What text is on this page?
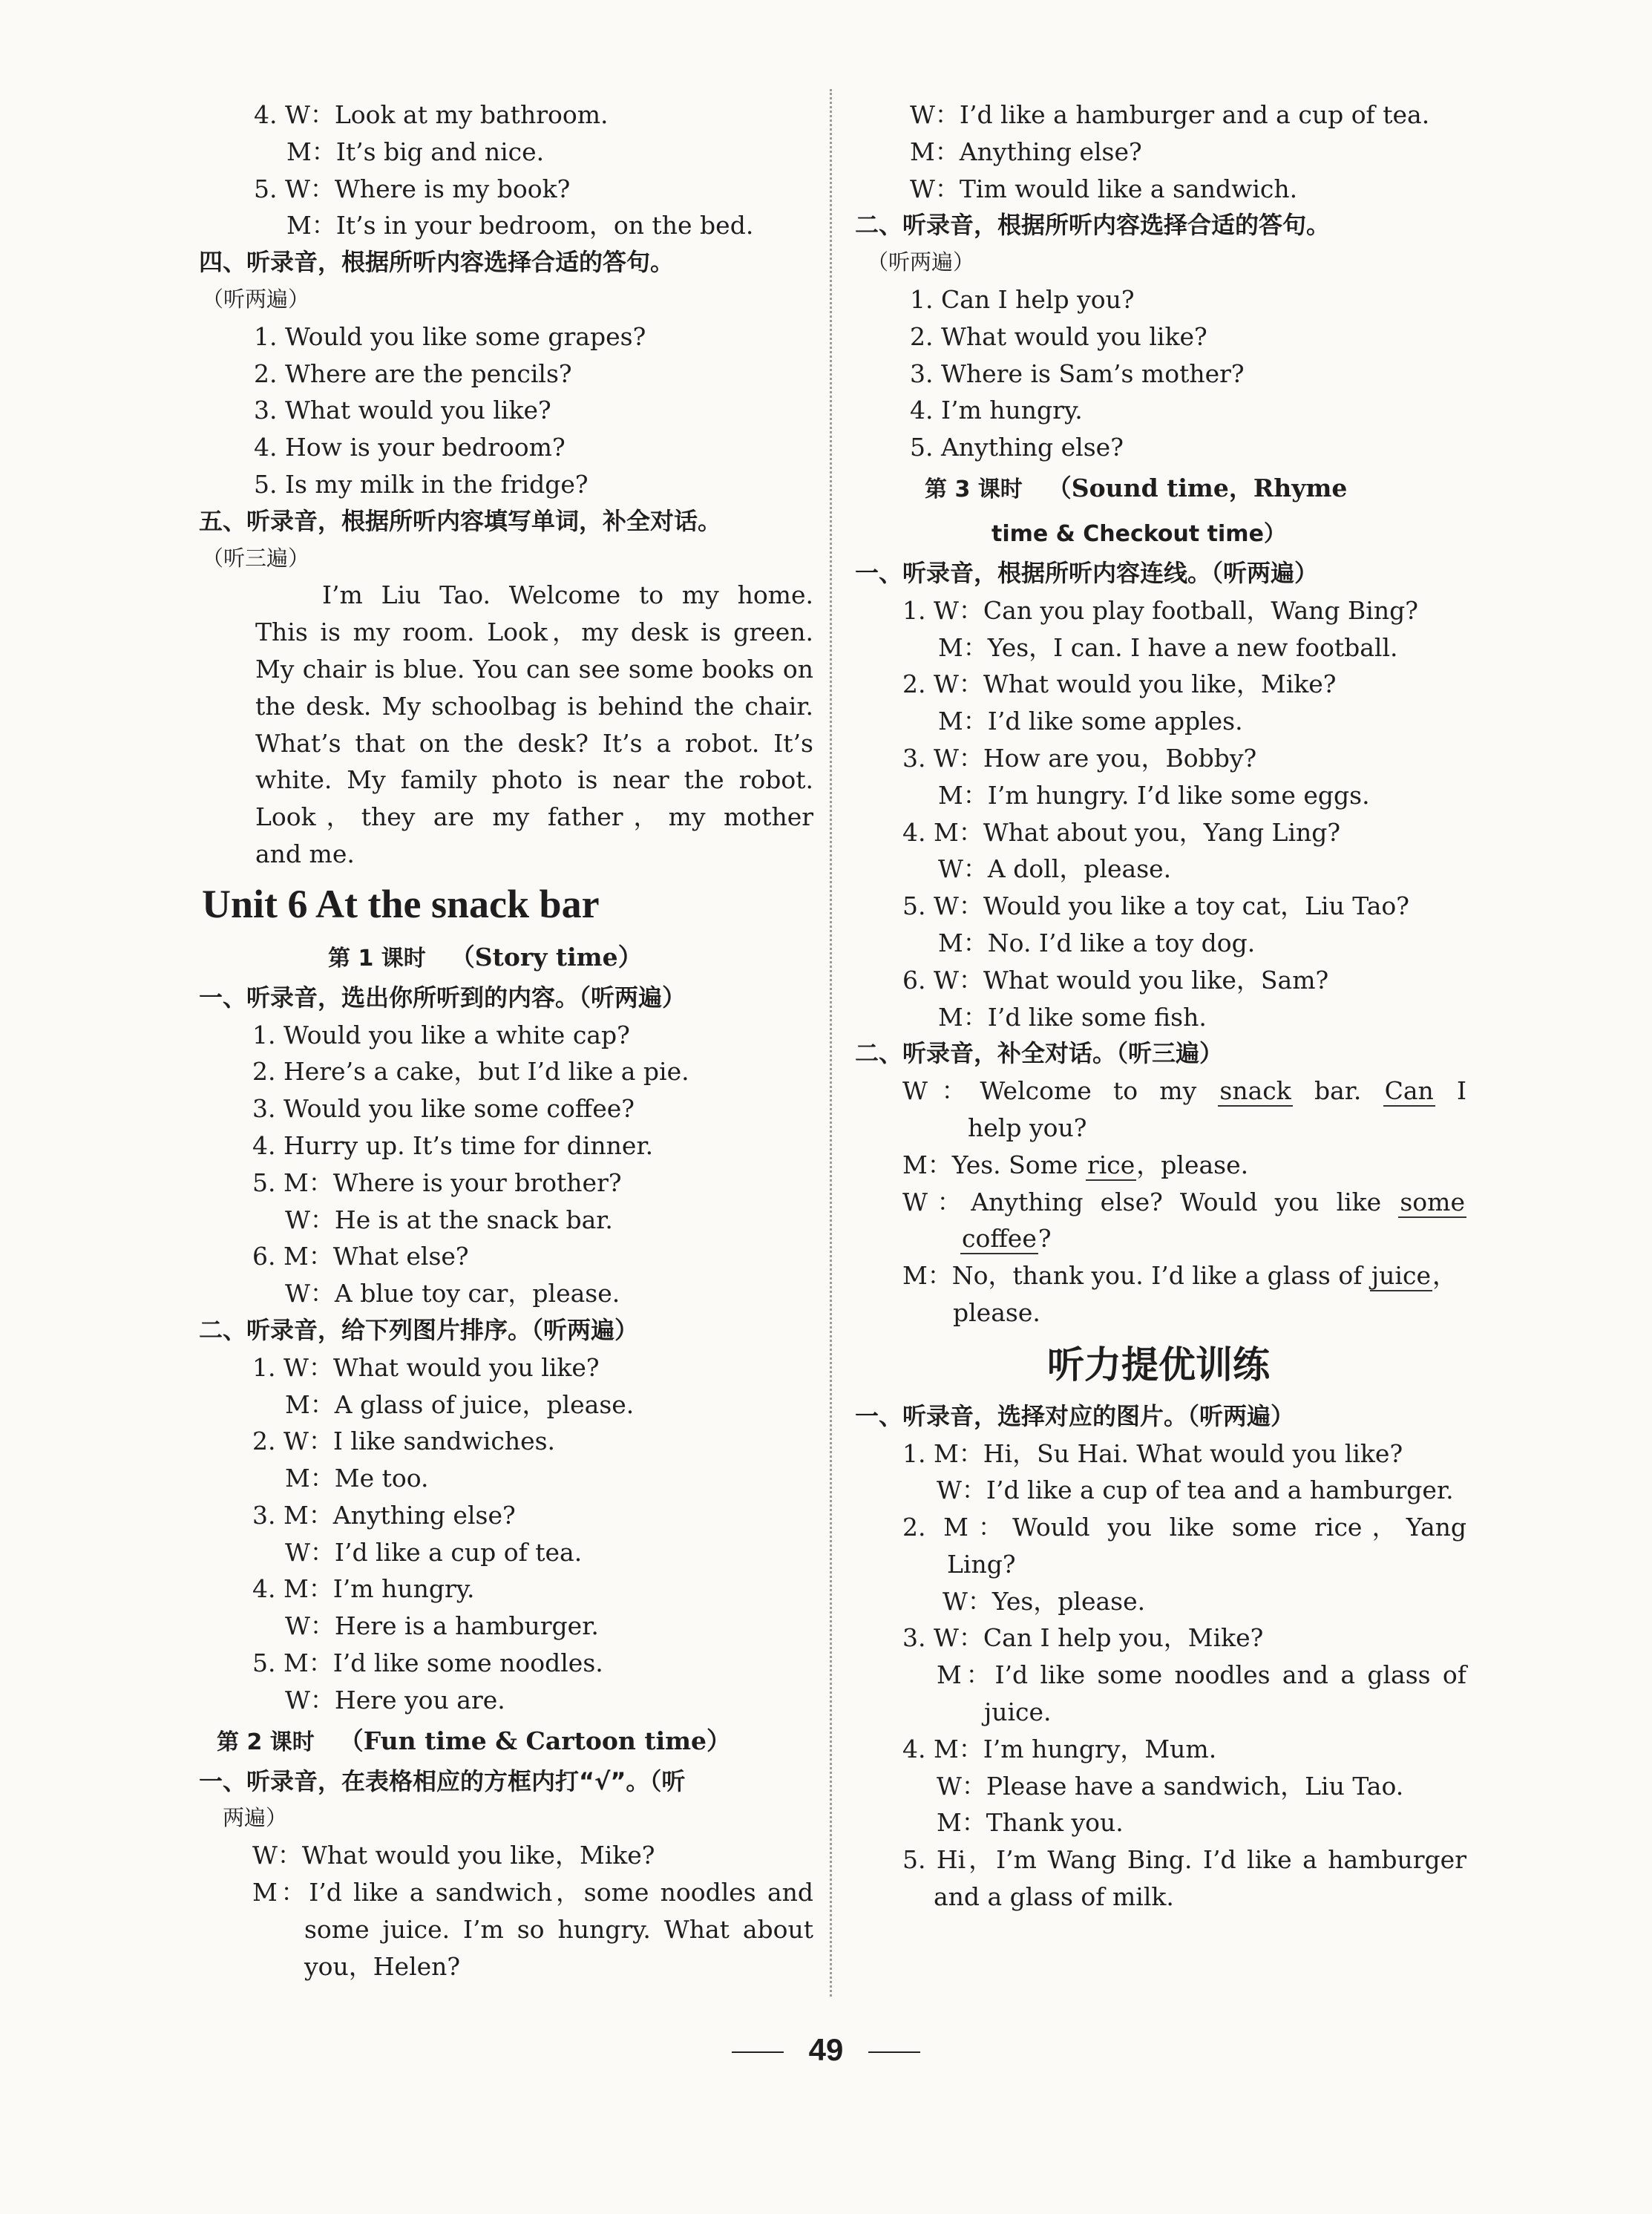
4. W：Look at my bathroom.
M：It’s big and nice.
5. W：Where is my book?
M：It’s in your bedroom，on the bed.
四、听录音，根据所听内容选择合适的答句。
（听两遍）
1. Would you like some grapes?
2. Where are the pencils?
3. What would you like?
4. How is your bedroom?
5. Is my milk in the fridge?
五、听录音，根据所听内容填写单词，补全对话。
（听三遍）
I’m Liu Tao. Welcome to my home.
This is my room. Look，my desk is green.
My chair is blue. You can see some books on
the desk. My schoolbag is behind the chair.
What’s that on the desk? It’s a robot. It’s
white. My family photo is near the robot.
Look，they are my father，my mother
and me.
Unit 6 At the snack bar
第 1 课时 （Story time）
一、听录音，选出你所听到的内容。（听两遍）
1. Would you like a white cap?
2. Here’s a cake，but I’d like a pie.
3. Would you like some coffee?
4. Hurry up. It’s time for dinner.
5. M：Where is your brother?
W：He is at the snack bar.
6. M：What else?
W：A blue toy car，please.
二、听录音，给下列图片排序。（听两遍）
1. W：What would you like?
M：A glass of juice，please.
2. W：I like sandwiches.
M：Me too.
3. M：Anything else?
W：I’d like a cup of tea.
4. M：I’m hungry.
W：Here is a hamburger.
5. M：I’d like some noodles.
W：Here you are.
第 2 课时 （Fun time & Cartoon time）
一、听录音，在表格相应的方框内打“√”。（听
两遍）
W：What would you like，Mike?
M：I’d like a sandwich，some noodles and
some juice. I’m so hungry. What about
you，Helen?
W：I’d like a hamburger and a cup of tea.
M：Anything else?
W：Tim would like a sandwich.
二、听录音，根据所听内容选择合适的答句。
（听两遍）
1. Can I help you?
2. What would you like?
3. Where is Sam’s mother?
4. I’m hungry.
5. Anything else?
第 3 课时 （Sound time，Rhyme
time & Checkout time）
一、听录音，根据所听内容连线。（听两遍）
1. W：Can you play football，Wang Bing?
M：Yes，I can. I have a new football.
2. W：What would you like，Mike?
M：I’d like some apples.
3. W：How are you，Bobby?
M：I’m hungry. I’d like some eggs.
4. M：What about you，Yang Ling?
W：A doll，please.
5. W：Would you like a toy cat，Liu Tao?
M：No. I’d like a toy dog.
6. W：What would you like，Sam?
M：I’d like some fish.
二、听录音，补全对话。（听三遍）
W：Welcome to my snack bar. Can I
help you?
M：Yes. Some rice，please.
W：Anything else? Would you like some
coffee?
M：No，thank you. I’d like a glass of juice，
please.
听力提优训练
一、听录音，选择对应的图片。（听两遍）
1. M：Hi，Su Hai. What would you like?
W：I’d like a cup of tea and a hamburger.
2. M：Would you like some rice，Yang
Ling?
W：Yes，please.
3. W：Can I help you，Mike?
M：I’d like some noodles and a glass of
juice.
4. M：I’m hungry，Mum.
W：Please have a sandwich，Liu Tao.
M：Thank you.
5. Hi，I’m Wang Bing. I’d like a hamburger
and a glass of milk.
49
